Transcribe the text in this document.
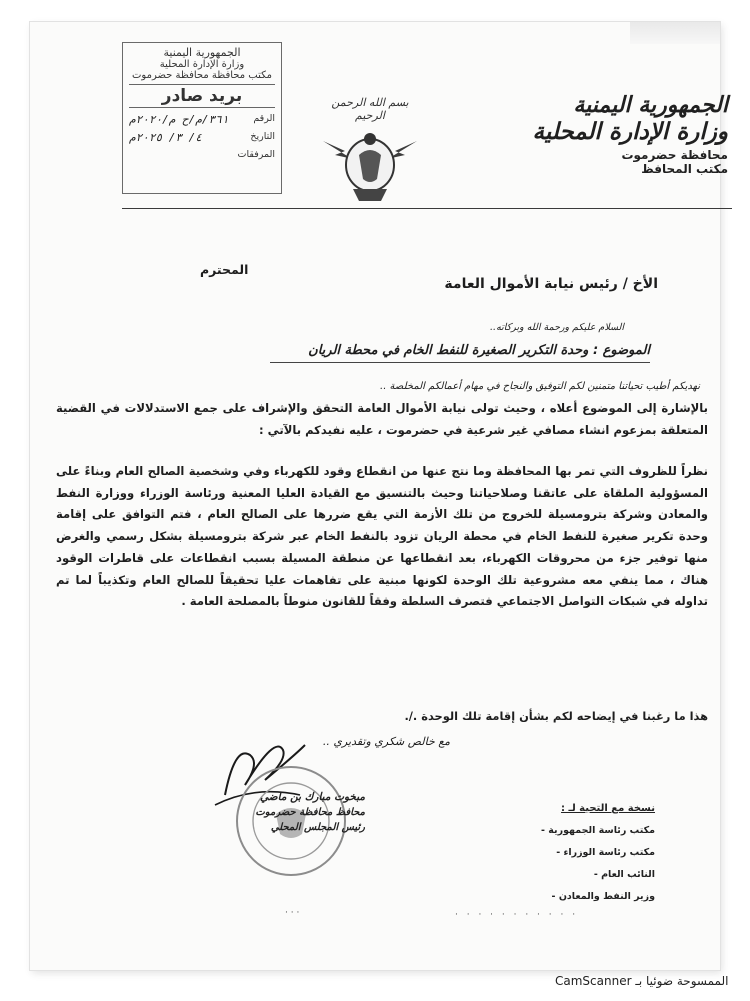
الجمهورية اليمنية
وزارة الإدارة المحلية
محافظة حضرموت
مكتب المحافظ
بسم الله الرحمن الرحيم
الجمهورية اليمنية
وزارة الإدارة المحلية
مكتب محافظة محافظة حضرموت
بريد صادر
الرقم
٣٦١/م/ح م/٢٠٢٠م
التاريخ
٤/ ٣/ ٢٠٢٥م
المرفقات
المحترم
الأخ / رئيس نيابة الأموال العامة
السلام عليكم ورحمة الله وبركاته..
الموضوع : وحدة التكرير الصغيرة للنفط الخام في محطة الريان
نهديكم أطيب تحياتنا متمنين لكم التوفيق والنجاح في مهام أعمالكم المخلصة ..
بالإشارة إلى الموضوع أعلاه ، وحيث تولى نيابة الأموال العامة التحقق والإشراف على جمع الاستدلالات في القضية المتعلقة بمزعوم انشاء مصافي غير شرعية في حضرموت ، عليه نفيدكم بالآتي :
نظراً للظروف التي تمر بها المحافظة وما نتج عنها من انقطاع وقود للكهرباء وفي وشخصية الصالح العام وبناءً على المسؤولية الملقاة على عاتقنا وصلاحياتنا وحيث بالتنسيق مع القيادة العليا المعنية ورئاسة الوزراء ووزارة النفط والمعادن وشركة بترومسيلة للخروج من تلك الأزمة التي يقع ضررها على الصالح العام ، فتم التوافق على إقامة وحدة تكرير صغيرة للنفط الخام في محطة الريان تزود بالنفط الخام عبر شركة بترومسيلة بشكل رسمي والغرض منها توفير جزء من محروقات الكهرباء، بعد انقطاعها عن منطقة المسيلة بسبب انقطاعات على قاطرات الوقود هناك ، مما ينفي معه مشروعية تلك الوحدة لكونها مبنية على تفاهمات عليا تحقيقاً للصالح العام وتكذيباً لما تم تداوله في شبكات التواصل الاجتماعي فتصرف السلطة وفقاً للقانون منوطاً بالمصلحة العامة .
هذا ما رغبنا في إيضاحه لكم بشأن إقامة تلك الوحدة ./.
مع خالص شكري وتقديري ..
مبخوت مبارك بن ماضي
محافظ محافظة حضرموت
رئيس المجلس المحلي
نسخة مع التحية لـ :
مكتب رئاسة الجمهورية -
مكتب رئاسة الوزراء -
النائب العام -
وزير النفط والمعادن -
· · · · · · · · · · ·
· · ·
الممسوحة ضوئيا بـ CamScanner
